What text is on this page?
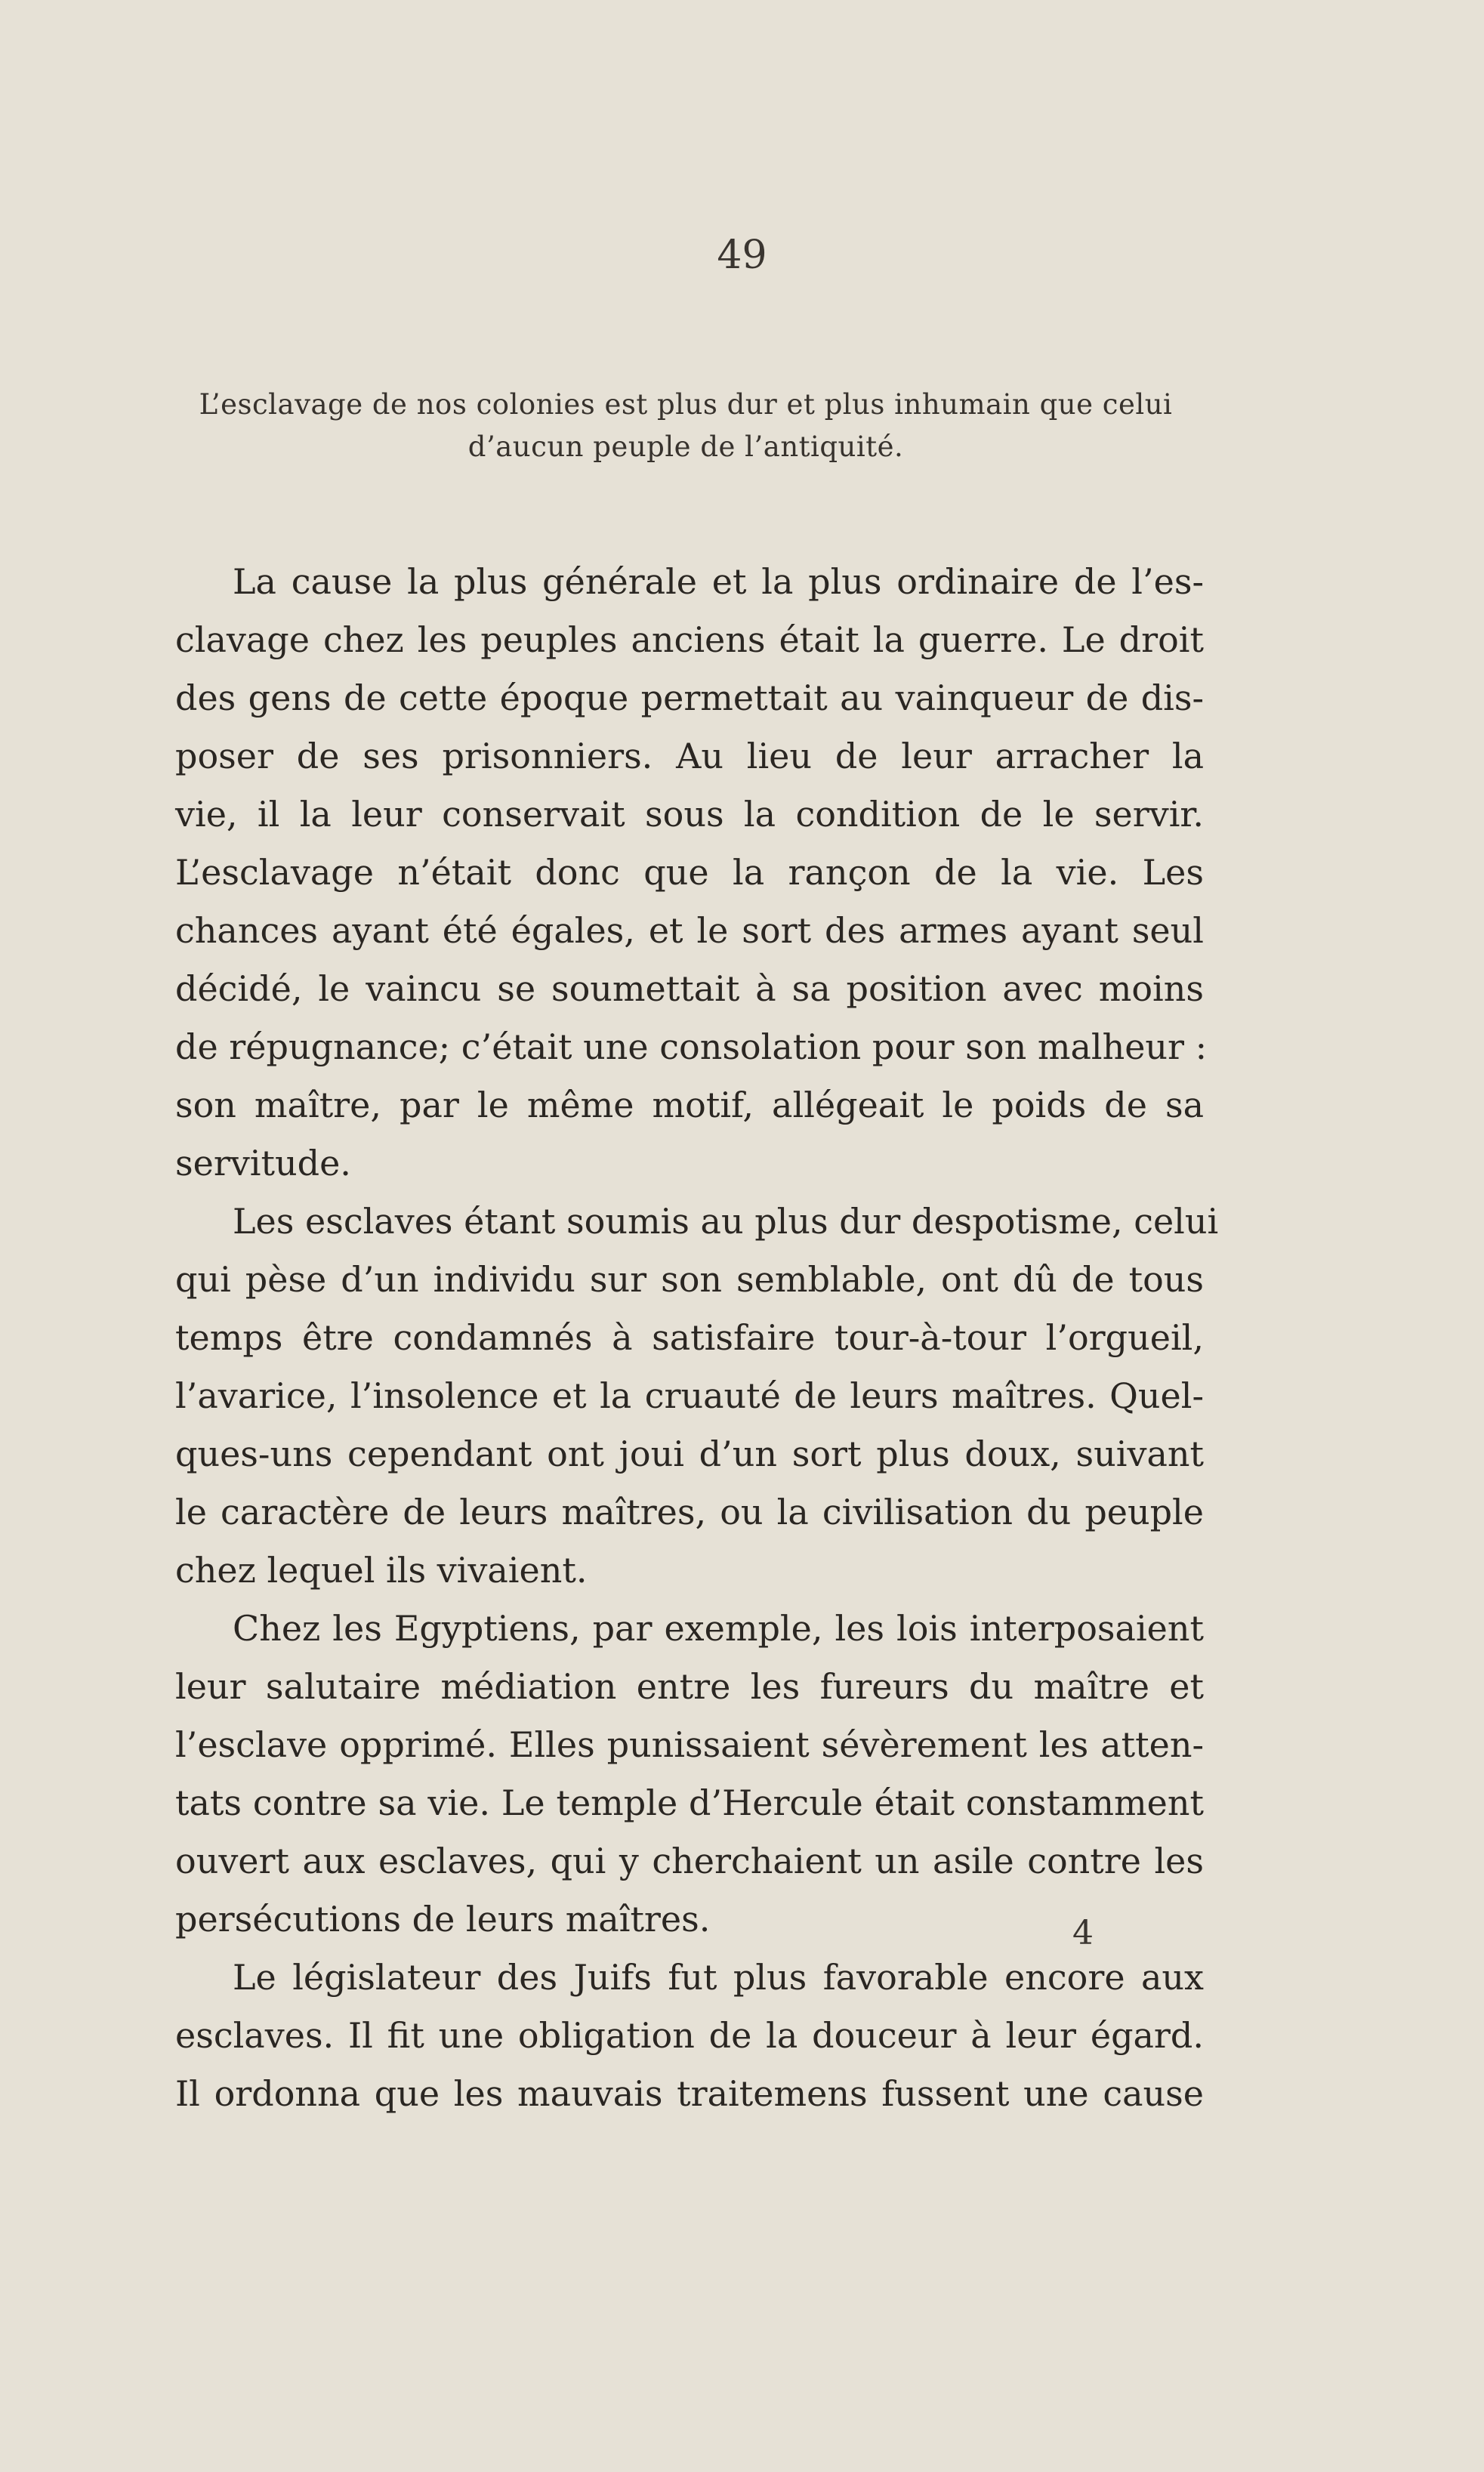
49
L’esclavage de nos colonies est plus dur et plus inhumain que celui
d’aucun peuple de l’antiquité.
La cause la plus générale et la plus ordinaire de l’es-
clavage chez les peuples anciens était la guerre. Le droit
des gens de cette époque permettait au vainqueur de dis-
poser de ses prisonniers. Au lieu de leur arracher la
vie, il la leur conservait sous la condition de le servir.
L’esclavage n’était donc que la rançon de la vie. Les
chances ayant été égales, et le sort des armes ayant seul
décidé, le vaincu se soumettait à sa position avec moins
de répugnance; c’était une consolation pour son malheur :
son maître, par le même motif, allégeait le poids de sa
servitude.
Les esclaves étant soumis au plus dur despotisme, celui
qui pèse d’un individu sur son semblable, ont dû de tous
temps être condamnés à satisfaire tour-à-tour l’orgueil,
l’avarice, l’insolence et la cruauté de leurs maîtres. Quel-
ques-uns cependant ont joui d’un sort plus doux, suivant
le caractère de leurs maîtres, ou la civilisation du peuple
chez lequel ils vivaient.
Chez les Egyptiens, par exemple, les lois interposaient
leur salutaire médiation entre les fureurs du maître et
l’esclave opprimé. Elles punissaient sévèrement les atten-
tats contre sa vie. Le temple d’Hercule était constamment
ouvert aux esclaves, qui y cherchaient un asile contre les
persécutions de leurs maîtres.
Le législateur des Juifs fut plus favorable encore aux
esclaves. Il fit une obligation de la douceur à leur égard.
Il ordonna que les mauvais traitemens fussent une cause
4
